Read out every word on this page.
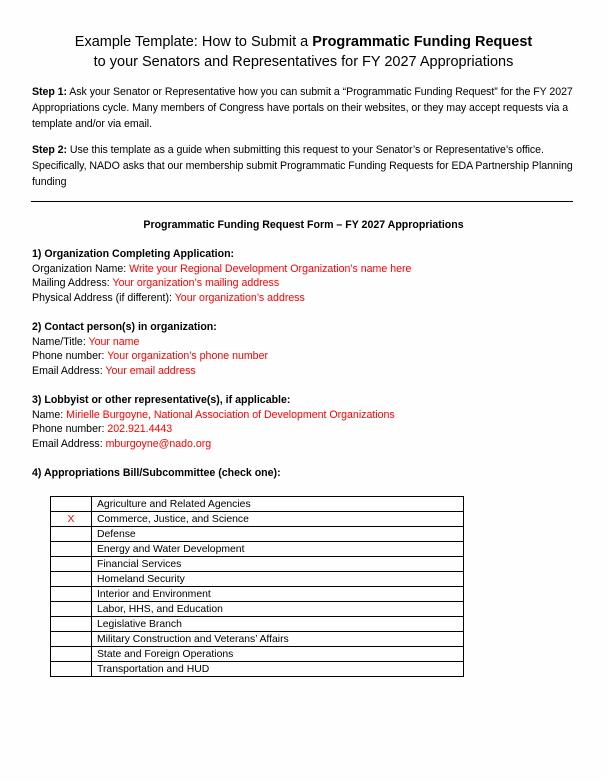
Example Template: How to Submit a Programmatic Funding Request
to your Senators and Representatives for FY 2027 Appropriations
Step 1: Ask your Senator or Representative how you can submit a “Programmatic Funding Request” for the FY 2027 Appropriations cycle. Many members of Congress have portals on their websites, or they may accept requests via a template and/or via email.
Step 2: Use this template as a guide when submitting this request to your Senator’s or Representative’s office. Specifically, NADO asks that our membership submit Programmatic Funding Requests for EDA Partnership Planning funding
Programmatic Funding Request Form – FY 2027 Appropriations
1) Organization Completing Application:
Organization Name: Write your Regional Development Organization’s name here
Mailing Address: Your organization’s mailing address
Physical Address (if different): Your organization’s address
2) Contact person(s) in organization:
Name/Title: Your name
Phone number: Your organization’s phone number
Email Address: Your email address
3) Lobbyist or other representative(s), if applicable:
Name: Mirielle Burgoyne, National Association of Development Organizations
Phone number: 202.921.4443
Email Address: mburgoyne@nado.org
4) Appropriations Bill/Subcommittee (check one):
	Agriculture and Related Agencies
X	Commerce, Justice, and Science
	Defense
	Energy and Water Development
	Financial Services
	Homeland Security
	Interior and Environment
	Labor, HHS, and Education
	Legislative Branch
	Military Construction and Veterans’ Affairs
	State and Foreign Operations
	Transportation and HUD
